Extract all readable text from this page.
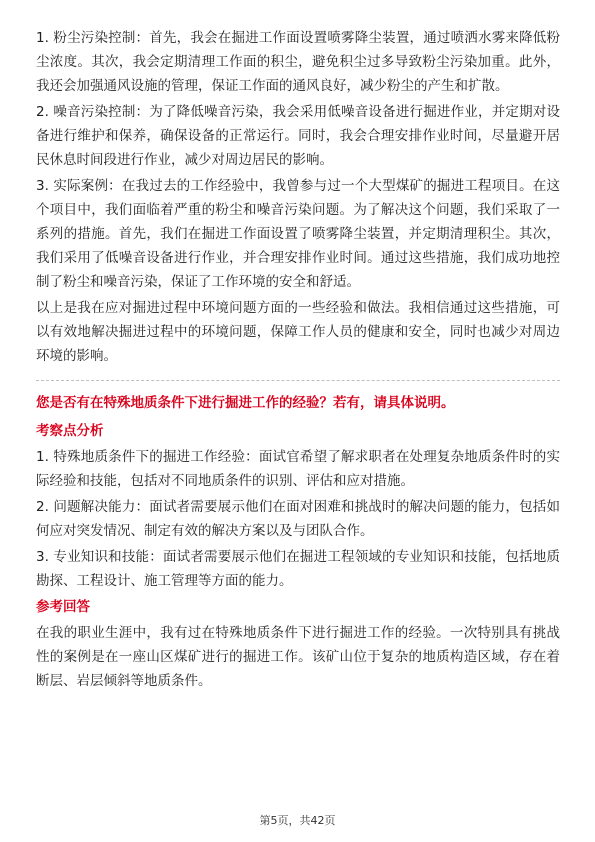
1. 粉尘污染控制：首先，我会在掘进工作面设置喷雾降尘装置，通过喷洒水雾来降低粉尘浓度。其次，我会定期清理工作面的积尘，避免积尘过多导致粉尘污染加重。此外，我还会加强通风设施的管理，保证工作面的通风良好，减少粉尘的产生和扩散。

2. 噪音污染控制：为了降低噪音污染，我会采用低噪音设备进行掘进作业，并定期对设备进行维护和保养，确保设备的正常运行。同时，我会合理安排作业时间，尽量避开居民休息时间段进行作业，减少对周边居民的影响。

3. 实际案例：在我过去的工作经验中，我曾参与过一个大型煤矿的掘进工程项目。在这个项目中，我们面临着严重的粉尘和噪音污染问题。为了解决这个问题，我们采取了一系列的措施。首先，我们在掘进工作面设置了喷雾降尘装置，并定期清理积尘。其次，我们采用了低噪音设备进行作业，并合理安排作业时间。通过这些措施，我们成功地控制了粉尘和噪音污染，保证了工作环境的安全和舒适。

以上是我在应对掘进过程中环境问题方面的一些经验和做法。我相信通过这些措施，可以有效地解决掘进过程中的环境问题，保障工作人员的健康和安全，同时也减少对周边环境的影响。

您是否有在特殊地质条件下进行掘进工作的经验？若有，请具体说明。

考察点分析

1. 特殊地质条件下的掘进工作经验：面试官希望了解求职者在处理复杂地质条件时的实际经验和技能，包括对不同地质条件的识别、评估和应对措施。

2. 问题解决能力：面试者需要展示他们在面对困难和挑战时的解决问题的能力，包括如何应对突发情况、制定有效的解决方案以及与团队合作。

3. 专业知识和技能：面试者需要展示他们在掘进工程领域的专业知识和技能，包括地质勘探、工程设计、施工管理等方面的能力。

参考回答

在我的职业生涯中，我有过在特殊地质条件下进行掘进工作的经验。一次特别具有挑战性的案例是在一座山区煤矿进行的掘进工作。该矿山位于复杂的地质构造区域，存在着断层、岩层倾斜等地质条件。

第5页，共42页
